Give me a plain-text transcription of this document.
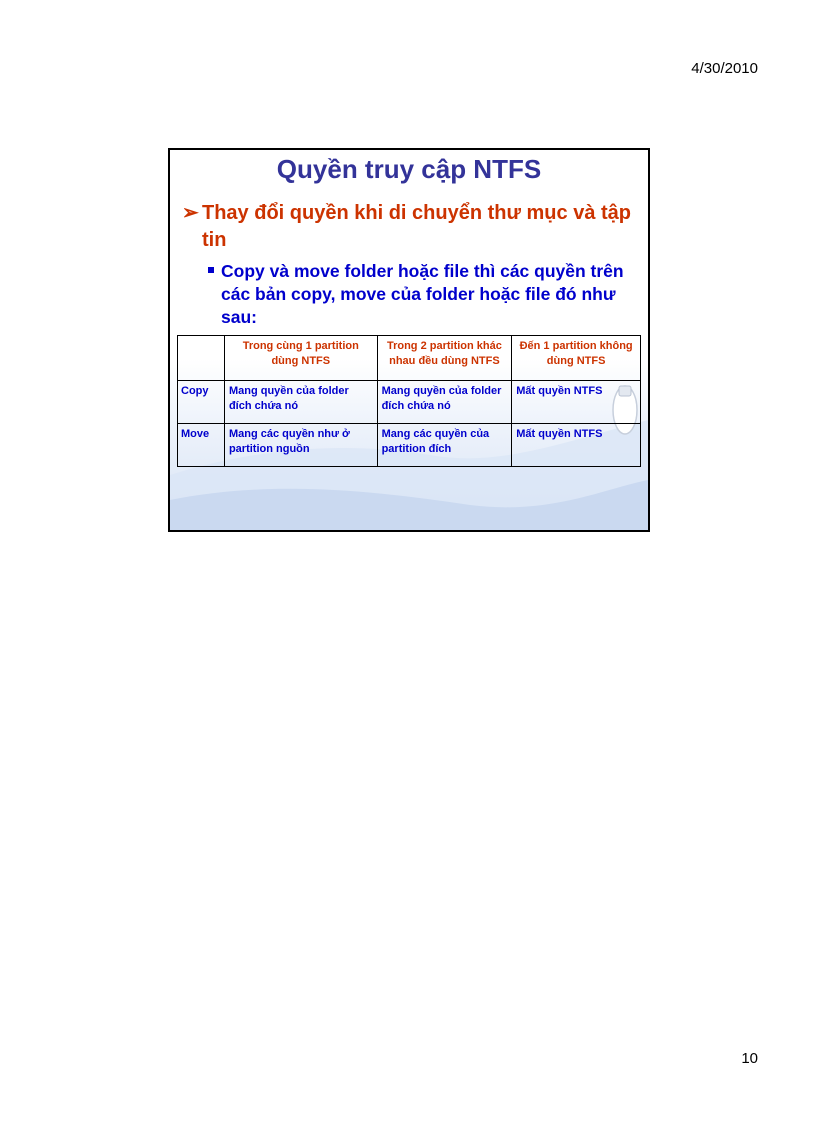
4/30/2010
Quyền truy cập NTFS
➢ Thay đổi quyền khi di chuyển thư mục và tập tin
Copy và move folder hoặc file thì các quyền trên các bản copy, move của folder hoặc file đó như sau:
	Trong cùng 1 partition dùng NTFS	Trong 2 partition khác nhau đều dùng NTFS	Đến 1 partition không dùng NTFS
Copy	Mang quyền của folder đích chứa nó	Mang quyền của folder đích chứa nó	Mất quyền NTFS
Move	Mang các quyền như ở partition nguồn	Mang các quyền của partition đích	Mất quyền NTFS
10
